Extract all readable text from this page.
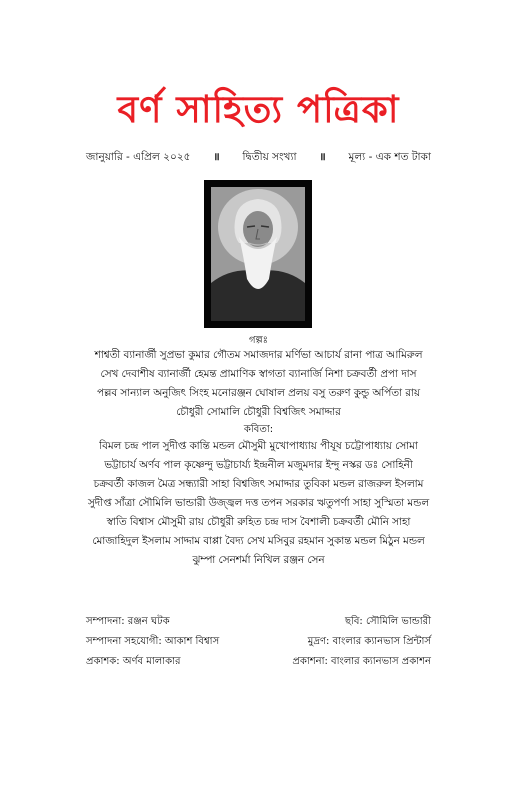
বর্ণ সাহিত্য পত্রিকা
জানুয়ারি - এপ্রিল ২০২৫ ॥ দ্বিতীয় সংখ্যা ॥ মূল্য - এক শত টাকা
গল্পঃ
শাশ্বতী ব্যানার্জী সুপ্রভা কুমার গৌতম সমাজদার মর্ণিভা আচার্য রানা পাত্র আমিরুল
সেখ দেবাশীষ ব্যানার্জী হেমন্ত প্রামাণিক স্বাগতা ব্যানার্জি নিশা চক্রবর্তী প্রপা দাস
পল্লব সান্যাল অনুজিৎ সিংহ মনোরঞ্জন ঘোষাল প্রলয় বসু তরুণ কুন্ডু অর্পিতা রায়
চৌধুরী সোমালি চৌধুরী বিশ্বজিৎ সমাদ্দার
কবিতা:
বিমল চন্দ্র পাল সুদীপ্ত কান্তি মন্ডল মৌসুমী মুখোপাধ্যায় পীযূষ চট্টোপাধ্যায় সোমা
ভট্টাচার্য অর্ণব পাল কৃষ্ণেন্দু ভট্টাচার্য্য ইন্দ্রনীল মজুমদার ইন্দু নস্কর ডঃ সোহিনী
চক্রবর্তী কাজল মৈত্র সন্ধ্যারী সাহা বিশ্বজিৎ সমাদ্দার তুবিকা মন্ডল রাজরুল ইসলাম
সুদীপ্ত সাঁত্রা সৌমিলি ভান্ডারী উজ্জ্বল দত্ত তপন সরকার ঋতুপর্ণা সাহা সুস্মিতা মন্ডল
স্বাতি বিশ্বাস মৌসুমী রায় চৌধুরী রুহিত চন্দ্র দাস বৈশালী চক্রবর্তী মৌনি সাহা
মোজাহিদুল ইসলাম সাদ্দাম বাপ্পা বৈদ্য সেখ মসিবুর রহমান সুকান্ত মন্ডল মিঠুন মন্ডল
ঝুম্পা সেনশর্মা নিখিল রঞ্জন সেন
সম্পাদনা: রঞ্জন ঘটক	ছবি: সৌমিলি ভান্ডারী
সম্পাদনা সহযোগী: আকাশ বিশ্বাস	মুদ্রণ: বাংলার ক্যানভাস প্রিন্টার্স
প্রকাশক: অর্ণব মালাকার	প্রকাশনা: বাংলার ক্যানভাস প্রকাশন
